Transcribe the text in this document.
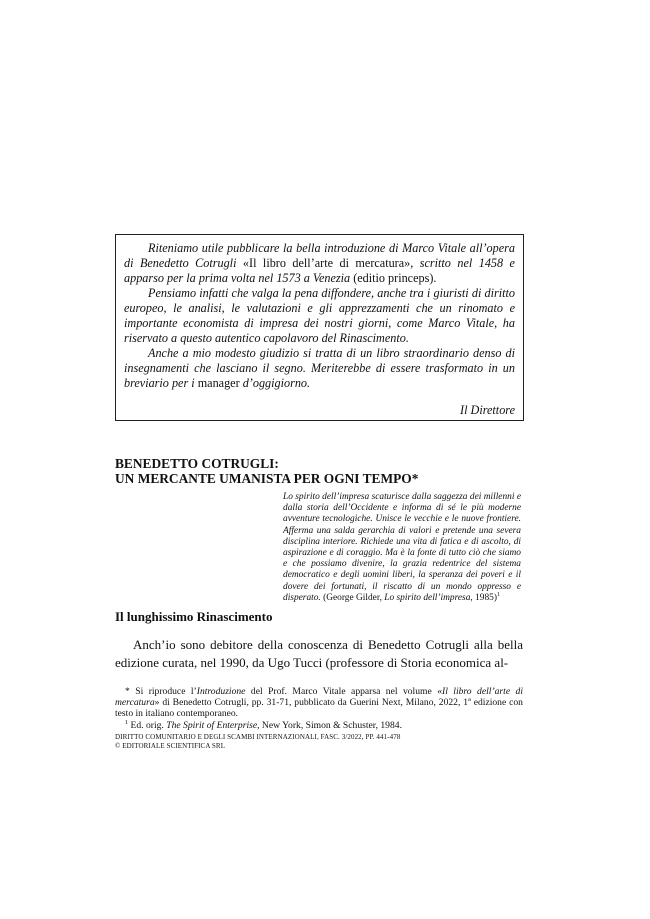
Riteniamo utile pubblicare la bella introduzione di Marco Vitale all’opera di Benedetto Cotrugli «Il libro dell’arte di mercatura», scritto nel 1458 e apparso per la prima volta nel 1573 a Venezia (editio princeps).

Pensiamo infatti che valga la pena diffondere, anche tra i giuristi di diritto europeo, le analisi, le valutazioni e gli apprezzamenti che un rinomato e importante economista di impresa dei nostri giorni, come Marco Vitale, ha riservato a questo autentico capolavoro del Rinascimento.

Anche a mio modesto giudizio si tratta di un libro straordinario denso di insegnamenti che lasciano il segno. Meriterebbe di essere trasformato in un breviario per i manager d’oggigiorno.

Il Direttore

BENEDETTO COTRUGLI:
UN MERCANTE UMANISTA PER OGNI TEMPO*

Lo spirito dell’impresa scaturisce dalla saggezza dei millenni e dalla storia dell’Occidente e informa di sé le più moderne avventure tecnologiche. Unisce le vecchie e le nuove frontiere. Afferma una salda gerarchia di valori e pretende una severa disciplina interiore. Richiede una vita di fatica e di ascolto, di aspirazione e di coraggio. Ma è la fonte di tutto ciò che siamo e che possiamo divenire, la grazia redentrice del sistema democratico e degli uomini liberi, la speranza dei poveri e il dovere dei fortunati, il riscatto di un mondo oppresso e disperato. (George Gilder, Lo spirito dell’impresa, 1985)$^1$

Il lunghissimo Rinascimento

Anch’io sono debitore della conoscenza di Benedetto Cotrugli alla bella edizione curata, nel 1990, da Ugo Tucci (professore di Storia economica al-

* Si riproduce l’Introduzione del Prof. Marco Vitale apparsa nel volume «Il libro dell’arte di mercatura» di Benedetto Cotrugli, pp. 31-71, pubblicato da Guerini Next, Milano, 2022, 1$^a$ edizione con testo in italiano contemporaneo.

$^1$ Ed. orig. The Spirit of Enterprise, New York, Simon & Schuster, 1984.

DIRITTO COMUNITARIO E DEGLI SCAMBI INTERNAZIONALI, FASC. 3/2022, PP. 441-478
© EDITORIALE SCIENTIFICA SRL
